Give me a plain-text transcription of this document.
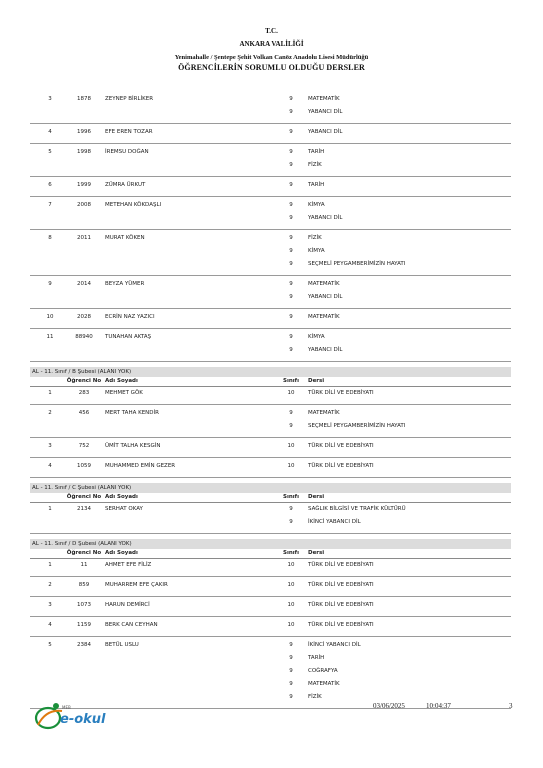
T.C.
ANKARA VALİLİĞİ
Yenimahalle / Şentepe Şehit Volkan Canöz Anadolu Lisesi Müdürlüğü
ÖĞRENCİLERİN SORUMLU OLDUĞU DERSLER
3	1878	ZEYNEP BİRLİKER	9	MATEMATİK
9	YABANCI DİL
4	1996	EFE EREN TOZAR	9	YABANCI DİL
5	1998	İREMSU DOĞAN	9	TARİH
9	FİZİK
6	1999	ZÜMRA ÜRKUT	9	TARİH
7	2008	METEHAN KÖKDAŞLI	9	KİMYA
9	YABANCI DİL
8	2011	MURAT KÖKEN	9	FİZİK
9	KİMYA
9	SEÇMELİ PEYGAMBERİMİZİN HAYATI
9	2014	BEYZA YÜMER	9	MATEMATİK
9	YABANCI DİL
10	2028	ECRİN NAZ YAZICI	9	MATEMATİK
11	88940	TUNAHAN AKTAŞ	9	KİMYA
9	YABANCI DİL
AL - 11. Sınıf / B Şubesi (ALANI YOK)
Öğrenci No Adı Soyadı	Sınıfı	Dersi
1	283	MEHMET GÖK	10	TÜRK DİLİ VE EDEBİYATI
2	456	MERT TAHA KENDİR	9	MATEMATİK
9	SEÇMELİ PEYGAMBERİMİZİN HAYATI
3	752	ÜMİT TALHA KESGİN	10	TÜRK DİLİ VE EDEBİYATI
4	1059	MUHAMMED EMİN GEZER	10	TÜRK DİLİ VE EDEBİYATI
AL - 11. Sınıf / C Şubesi (ALANI YOK)
Öğrenci No Adı Soyadı	Sınıfı	Dersi
1	2134	SERHAT OKAY	9	SAĞLIK BİLGİSİ VE TRAFİK KÜLTÜRÜ
9	İKİNCİ YABANCI DİL
AL - 11. Sınıf / D Şubesi (ALANI YOK)
Öğrenci No Adı Soyadı	Sınıfı	Dersi
1	11	AHMET EFE FİLİZ	10	TÜRK DİLİ VE EDEBİYATI
2	859	MUHARREM EFE ÇAKIR	10	TÜRK DİLİ VE EDEBİYATI
3	1073	HARUN DEMİRCİ	10	TÜRK DİLİ VE EDEBİYATI
4	1159	BERK CAN CEYHAN	10	TÜRK DİLİ VE EDEBİYATI
5	2384	BETÜL USLU	9	İKİNCİ YABANCI DİL
9	TARİH
9	COĞRAFYA
9	MATEMATİK
9	FİZİK
MEB
e-okul
03/06/2025	10:04:37	3
